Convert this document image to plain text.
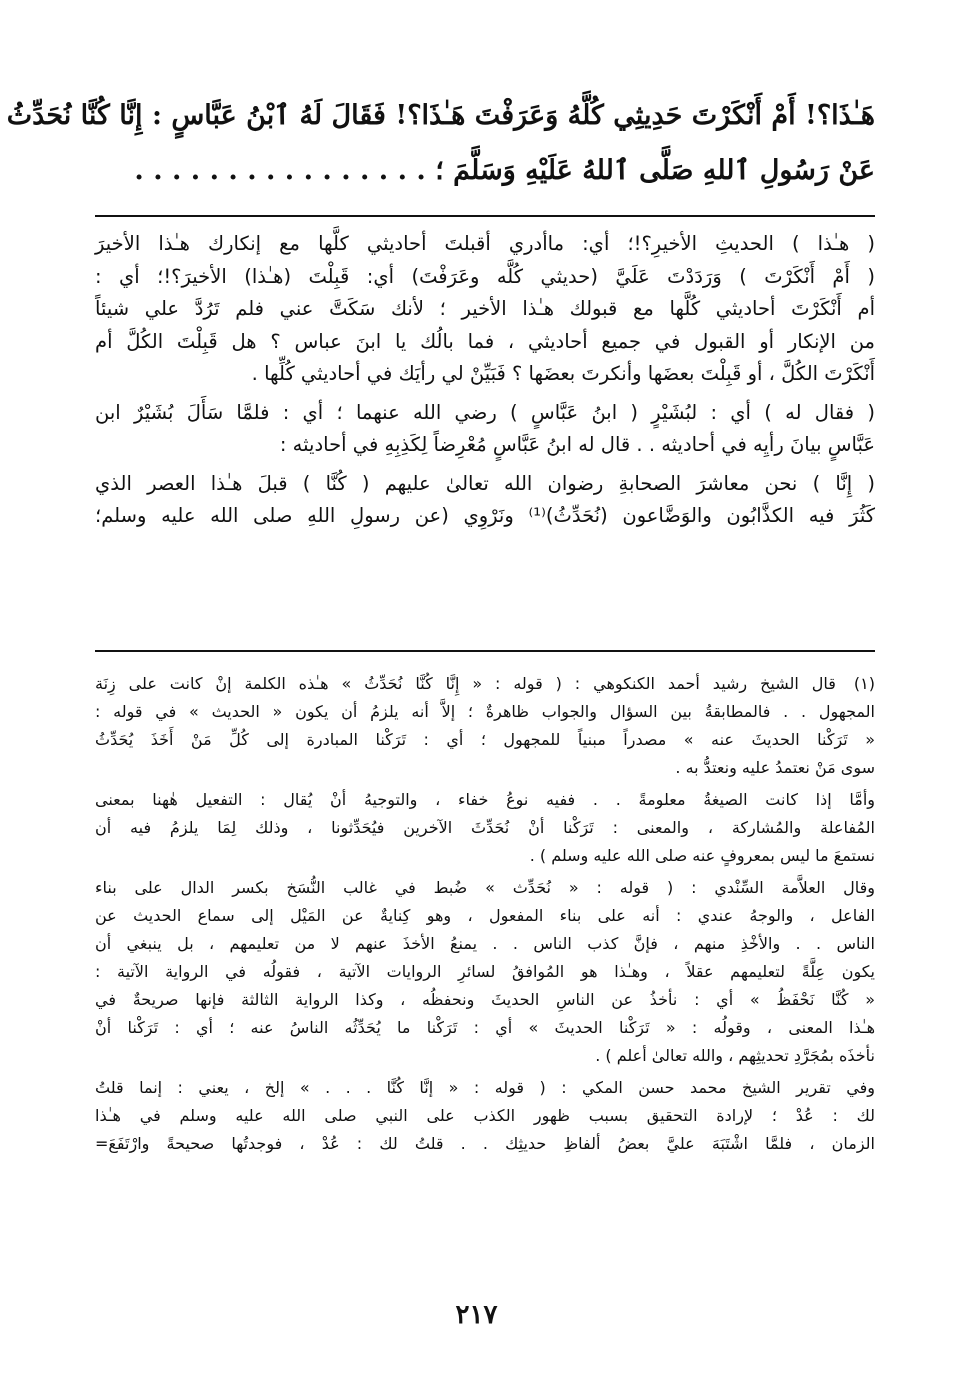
هَـٰذَا؟! أَمْ أَنْكَرْتَ حَدِيثِي كُلَّهُ وَعَرَفْتَ هَـٰذَا؟! فَقَالَ لَهُ ٱبْنُ عَبَّاسٍ : إِنَّا كُنَّا نُحَدِّثُ
عَنْ رَسُولِ ٱللهِ صَلَّى ٱللهُ عَلَيْهِ وَسَلَّمَ ؛ . . . . . . . . . . . . . . . .
( هـٰذا ) الحديثِ الأخيرِ؟!؛ أي: ماأدري أقبلتَ أحاديثي كلَّها مع إنكارك هـٰذا الأخيرَ
( أَمْ أَنْكَرْتَ ) وَرَدَدْتَ عَلَيَّ (حديثي كُلَّه وعَرَفْتَ) أي: قَبِلْتَ (هـٰذا) الأخيرَ؟!؛ أي :
أم أَنْكَرْتَ أحاديثي كُلَّها مع قبولك هـٰذا الأخير ؛ لأنك سَكَتَّ عني فلم تَرُدَّ علي شيئاً
من الإنكار أو القبول في جميع أحاديثي ، فما بالُك يا ابنَ عباس ؟ هل قَبِلْتَ الكُلَّ أم
أَنْكَرْتَ الكُلَّ ، أو قَبِلْتَ بعضَها وأنكرتَ بعضَها ؟ فَبَيِّنْ لي رأيَك في أحاديثي كُلِّها .
( فقال له ) أي : لبُشَيْرٍ ( ابنُ عَبَّاسٍ ) رضي الله عنهما ؛ أي : فلمَّا سَأَلَ بُشَيْرٌ ابن
عَبَّاسٍ بيانَ رأيِه في أحاديثه . . قال له ابنُ عَبَّاسٍ مُعْرِضاً لِكَذِبِهِ في أحاديثه :
( إِنَّا ) نحن معاشرَ الصحابةِ رضوان الله تعالىٰ عليهم ( كُنَّا ) قبلَ هـٰذا العصر الذي
كَثُرَ فيه الكذَّابُون والوَضَّاعون (نُحَدِّثُ)⁽¹⁾ ونَرْوِي (عن رسولِ اللهِ صلى الله عليه وسلم؛
(١)قال الشيخ رشيد أحمد الكنكوهي : ( قوله : « إِنَّا كُنَّا نُحَدِّثُ » هـٰذه الكلمة إنْ كانت على زِنَة
المجهول . . فالمطابقةُ بين السؤال والجواب ظاهرةٌ ؛ إلاَّ أنه يلزمُ أن يكون « الحديث » في قوله :
« تَرَكْنا الحديثَ عنه » مصدراً مبنياً للمجهول ؛ أي : تَرَكْنا المبادرة إلى كُلِّ مَنْ أَخَذَ يُحَدِّثُ
سوى مَنْ نعتمدُ عليه ونعتدُّ به .
وأمَّا إذا كانت الصيغةُ معلومةً . . ففيه نوعُ خفاء ، والتوجيهُ أنْ يُقال : التفعيل هٰهنا بمعنى
المُفاعلة والمُشاركة ، والمعنى : تَرَكْنا أنْ نُحَدِّثَ الآخرين فيُحَدِّثونا ، وذلك لِمَا يلزمُ فيه أن
نستمعَ ما ليس بمعروفٍ عنه صلى الله عليه وسلم ) .
وقال العلاَّمة السِّنْدي : ( قوله : « نُحَدِّث » ضُبط في غالب النُّسَخ بكسر الدال على بناء
الفاعل ، والوجهُ عندي : أنه على بناء المفعول ، وهو كِنايةٌ عن المَيْل إلى سماع الحديث عن
الناس . . والأخْذِ منهم ، فإنَّ كذب الناس . . يمنعُ الأخذَ عنهم لا من تعليمهم ، بل ينبغي أن
يكون عِلَّةً لتعليمهم عقلاً ، وهـٰذا هو المُوافقُ لسائرِ الروايات الآتية ، فقولُه في الرواية الآتية :
« كُنَّا نَحْفَظُ » أي : نأخذُ عن الناسِ الحديثَ ونحفظُه ، وكذا الرواية الثالثة فإنها صريحةٌ في
هـٰذا المعنى ، وقولُه : « تَرَكْنا الحديثَ » أي : تَرَكْنا ما يُحَدِّثُه الناسُ عنه ؛ أي : تَرَكْنا أنْ
نأخذَه بمُجَرَّدِ تحديثِهم ، والله تعالىٰ أعلم ) .
وفي تقرير الشيخ محمد حسن المكي : ( قوله : « إنَّا كُنَّا . . . » إلخ ، يعني : إنما قلتُ
لك : عُدْ ؛ لإرادة التحقيق بسبب ظهور الكذب على النبي صلى الله عليه وسلم في هـٰذا
الزمان ، فلمَّا اشْتَبَهَ عليَّ بعضُ ألفاظِ حديثِك . . قلتُ لك : عُدْ ، فوجدتُها صحيحةً وارْتَفَعَ=
٢١٧
